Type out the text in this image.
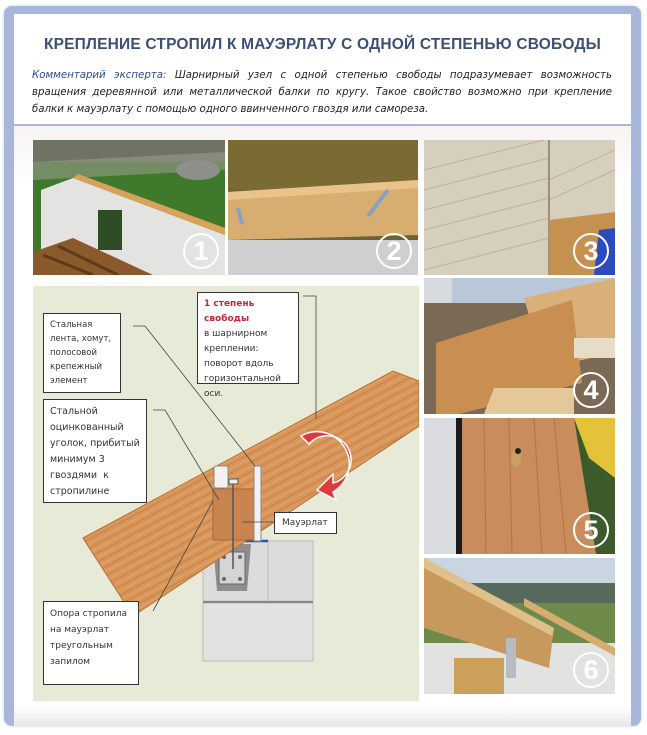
КРЕПЛЕНИЕ СТРОПИЛ К МАУЭРЛАТУ С ОДНОЙ СТЕПЕНЬЮ СВОБОДЫ
Комментарий эксперта: Шарнирный узел с одной степенью свободы подразумевает возможность вращения деревянной или металлической балки по кругу. Такое свойство возможно при крепление балки к мауэрлату с помощью одного ввинченного гвоздя или самореза.
1	2	3
4
5
6
1 степень свободы
в шарнирном
креплении:
поворот вдоль
горизонтальной
оси.
Стальная
лента, хомут,
полосовой
крепежный
элемент
Стальной
оцинкованный
уголок, прибитый
минимум 3
гвоздями  к
стропилине
Мауэрлат
Опора стропила
на мауэрлат
треугольным
запилом
